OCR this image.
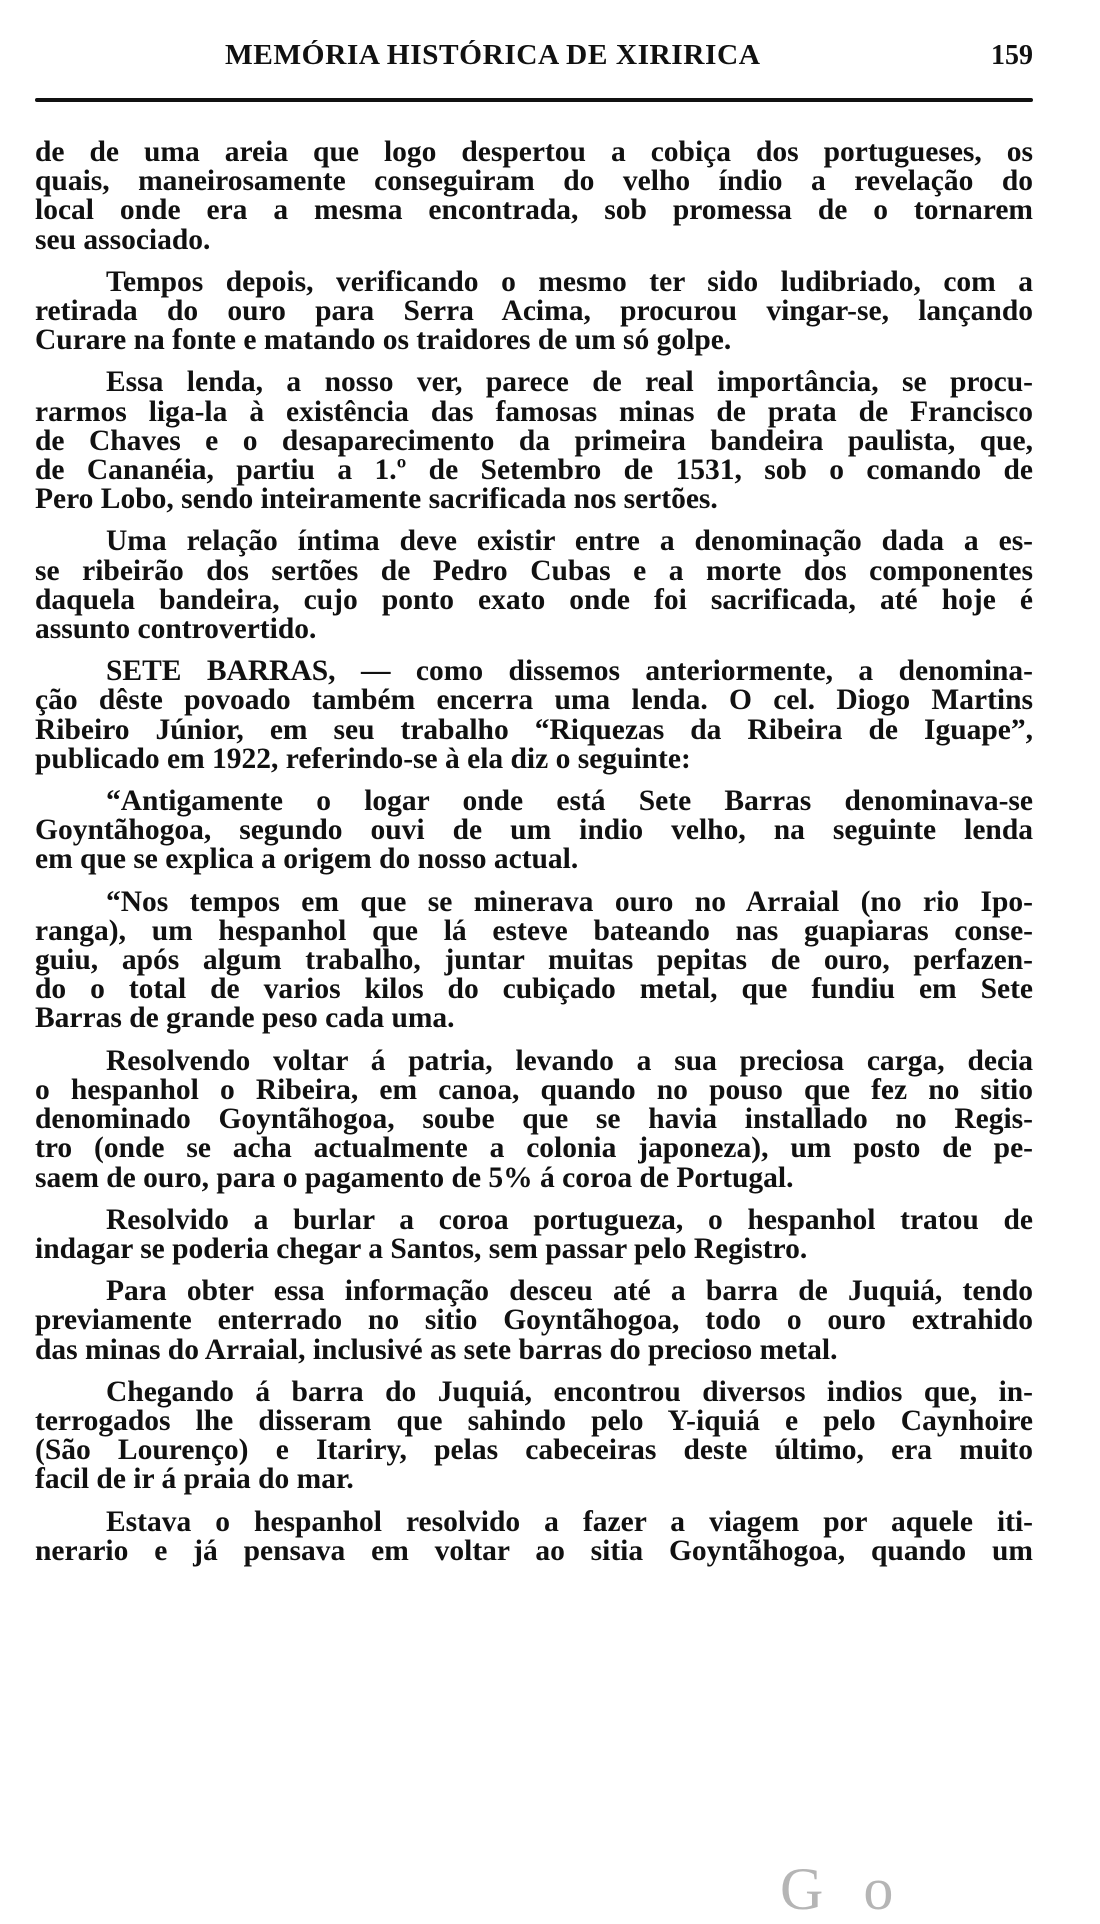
MEMÓRIA HISTÓRICA DE XIRIRICA	159

de de uma areia que logo despertou a cobiça dos portugueses, os
quais, maneirosamente conseguiram do velho índio a revelação do
local onde era a mesma encontrada, sob promessa de o tornarem
seu associado.

Tempos depois, verificando o mesmo ter sido ludibriado, com a
retirada do ouro para Serra Acima, procurou vingar-se, lançando
Curare na fonte e matando os traidores de um só golpe.

Essa lenda, a nosso ver, parece de real importância, se procu-
rarmos liga-la à existência das famosas minas de prata de Francisco
de Chaves e o desaparecimento da primeira bandeira paulista, que,
de Cananéia, partiu a 1.º de Setembro de 1531, sob o comando de
Pero Lobo, sendo inteiramente sacrificada nos sertões.

Uma relação íntima deve existir entre a denominação dada a es-
se ribeirão dos sertões de Pedro Cubas e a morte dos componentes
daquela bandeira, cujo ponto exato onde foi sacrificada, até hoje é
assunto controvertido.

SETE BARRAS, — como dissemos anteriormente, a denomina-
ção dêste povoado também encerra uma lenda. O cel. Diogo Martins
Ribeiro Júnior, em seu trabalho “Riquezas da Ribeira de Iguape”,
publicado em 1922, referindo-se à ela diz o seguinte:

“Antigamente o logar onde está Sete Barras denominava-se
Goyntãhogoa, segundo ouvi de um indio velho, na seguinte lenda
em que se explica a origem do nosso actual.

“Nos tempos em que se minerava ouro no Arraial (no rio Ipo-
ranga), um hespanhol que lá esteve bateando nas guapiaras conse-
guiu, após algum trabalho, juntar muitas pepitas de ouro, perfazen-
do o total de varios kilos do cubiçado metal, que fundiu em Sete
Barras de grande peso cada uma.

Resolvendo voltar á patria, levando a sua preciosa carga, decia
o hespanhol o Ribeira, em canoa, quando no pouso que fez no sitio
denominado Goyntãhogoa, soube que se havia installado no Regis-
tro (onde se acha actualmente a colonia japoneza), um posto de pe-
saem de ouro, para o pagamento de 5% á coroa de Portugal.

Resolvido a burlar a coroa portugueza, o hespanhol tratou de
indagar se poderia chegar a Santos, sem passar pelo Registro.

Para obter essa informação desceu até a barra de Juquiá, tendo
previamente enterrado no sitio Goyntãhogoa, todo o ouro extrahido
das minas do Arraial, inclusivé as sete barras do precioso metal.

Chegando á barra do Juquiá, encontrou diversos indios que, in-
terrogados lhe disseram que sahindo pelo Y-iquiá e pelo Caynhoire
(São Lourenço) e Itariry, pelas cabeceiras deste último, era muito
facil de ir á praia do mar.

Estava o hespanhol resolvido a fazer a viagem por aquele iti-
nerario e já pensava em voltar ao sitia Goyntãhogoa, quando um

Go
